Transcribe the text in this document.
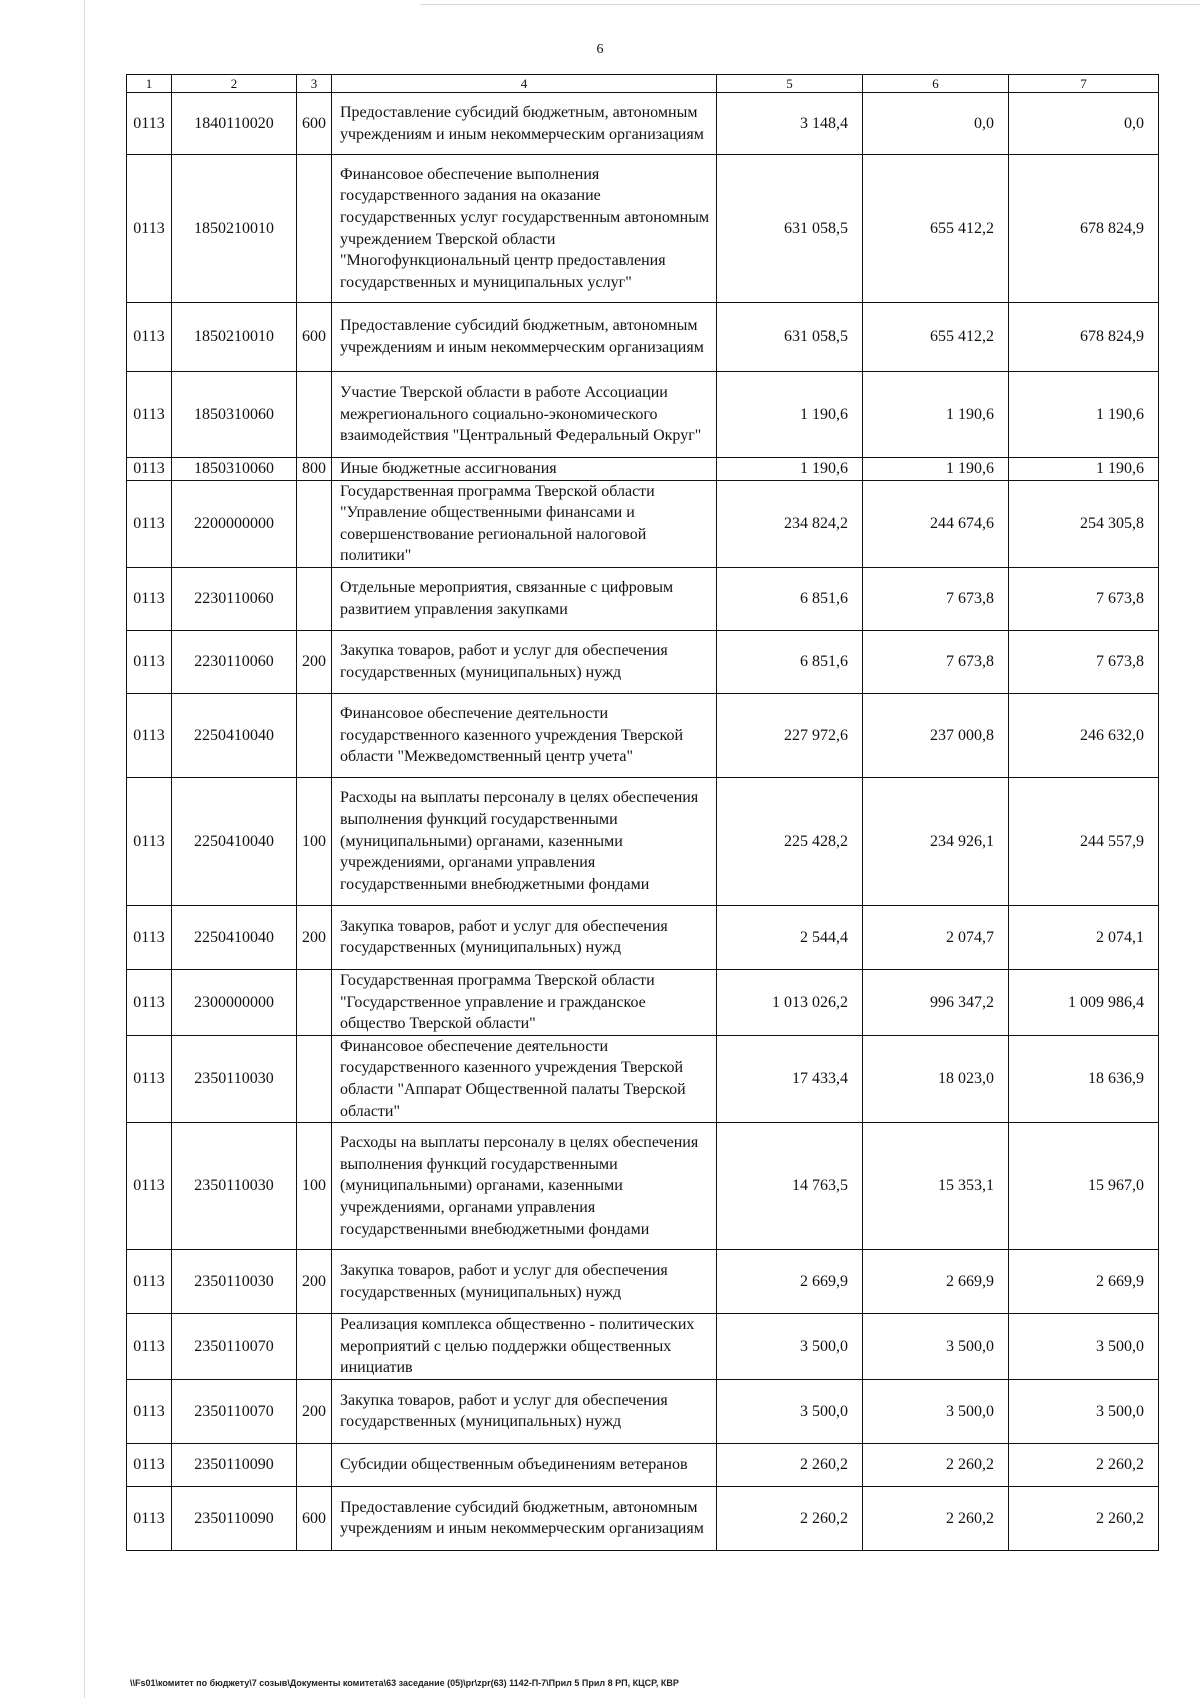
6
1	2	3	4	5	6	7
0113	1840110020	600	Предоставление субсидий бюджетным, автономным учреждениям и иным некоммерческим организациям	3 148,4	0,0	0,0
0113	1850210010		Финансовое обеспечение выполнения государственного задания на оказание государственных услуг государственным автономным учреждением Тверской области "Многофункциональный центр предоставления государственных и муниципальных услуг"	631 058,5	655 412,2	678 824,9
0113	1850210010	600	Предоставление субсидий бюджетным, автономным учреждениям и иным некоммерческим организациям	631 058,5	655 412,2	678 824,9
0113	1850310060		Участие Тверской области в работе Ассоциации межрегионального социально-экономического взаимодействия "Центральный Федеральный Округ"	1 190,6	1 190,6	1 190,6
0113	1850310060	800	Иные бюджетные ассигнования	1 190,6	1 190,6	1 190,6
0113	2200000000		Государственная программа Тверской области "Управление общественными финансами и совершенствование региональной налоговой политики"	234 824,2	244 674,6	254 305,8
0113	2230110060		Отдельные мероприятия, связанные с цифровым развитием управления закупками	6 851,6	7 673,8	7 673,8
0113	2230110060	200	Закупка товаров, работ и услуг для обеспечения государственных (муниципальных) нужд	6 851,6	7 673,8	7 673,8
0113	2250410040		Финансовое обеспечение деятельности государственного казенного учреждения Тверской области "Межведомственный центр учета"	227 972,6	237 000,8	246 632,0
0113	2250410040	100	Расходы на выплаты персоналу в целях обеспечения выполнения функций государственными (муниципальными) органами, казенными учреждениями, органами управления государственными внебюджетными фондами	225 428,2	234 926,1	244 557,9
0113	2250410040	200	Закупка товаров, работ и услуг для обеспечения государственных (муниципальных) нужд	2 544,4	2 074,7	2 074,1
0113	2300000000		Государственная программа Тверской области "Государственное управление и гражданское общество Тверской области"	1 013 026,2	996 347,2	1 009 986,4
0113	2350110030		Финансовое обеспечение деятельности государственного казенного учреждения Тверской области "Аппарат Общественной палаты Тверской области"	17 433,4	18 023,0	18 636,9
0113	2350110030	100	Расходы на выплаты персоналу в целях обеспечения выполнения функций государственными (муниципальными) органами, казенными учреждениями, органами управления государственными внебюджетными фондами	14 763,5	15 353,1	15 967,0
0113	2350110030	200	Закупка товаров, работ и услуг для обеспечения государственных (муниципальных) нужд	2 669,9	2 669,9	2 669,9
0113	2350110070		Реализация комплекса общественно - политических мероприятий с целью поддержки общественных инициатив	3 500,0	3 500,0	3 500,0
0113	2350110070	200	Закупка товаров, работ и услуг для обеспечения государственных (муниципальных) нужд	3 500,0	3 500,0	3 500,0
0113	2350110090		Субсидии общественным объединениям ветеранов	2 260,2	2 260,2	2 260,2
0113	2350110090	600	Предоставление субсидий бюджетным, автономным учреждениям и иным некоммерческим организациям	2 260,2	2 260,2	2 260,2
\\Fs01\комитет по бюджету\7 созыв\Документы комитета\63 заседание (05)\pr\zpr(63) 1142-П-7\Прил 5 Прил 8 РП, КЦСР, КВР
